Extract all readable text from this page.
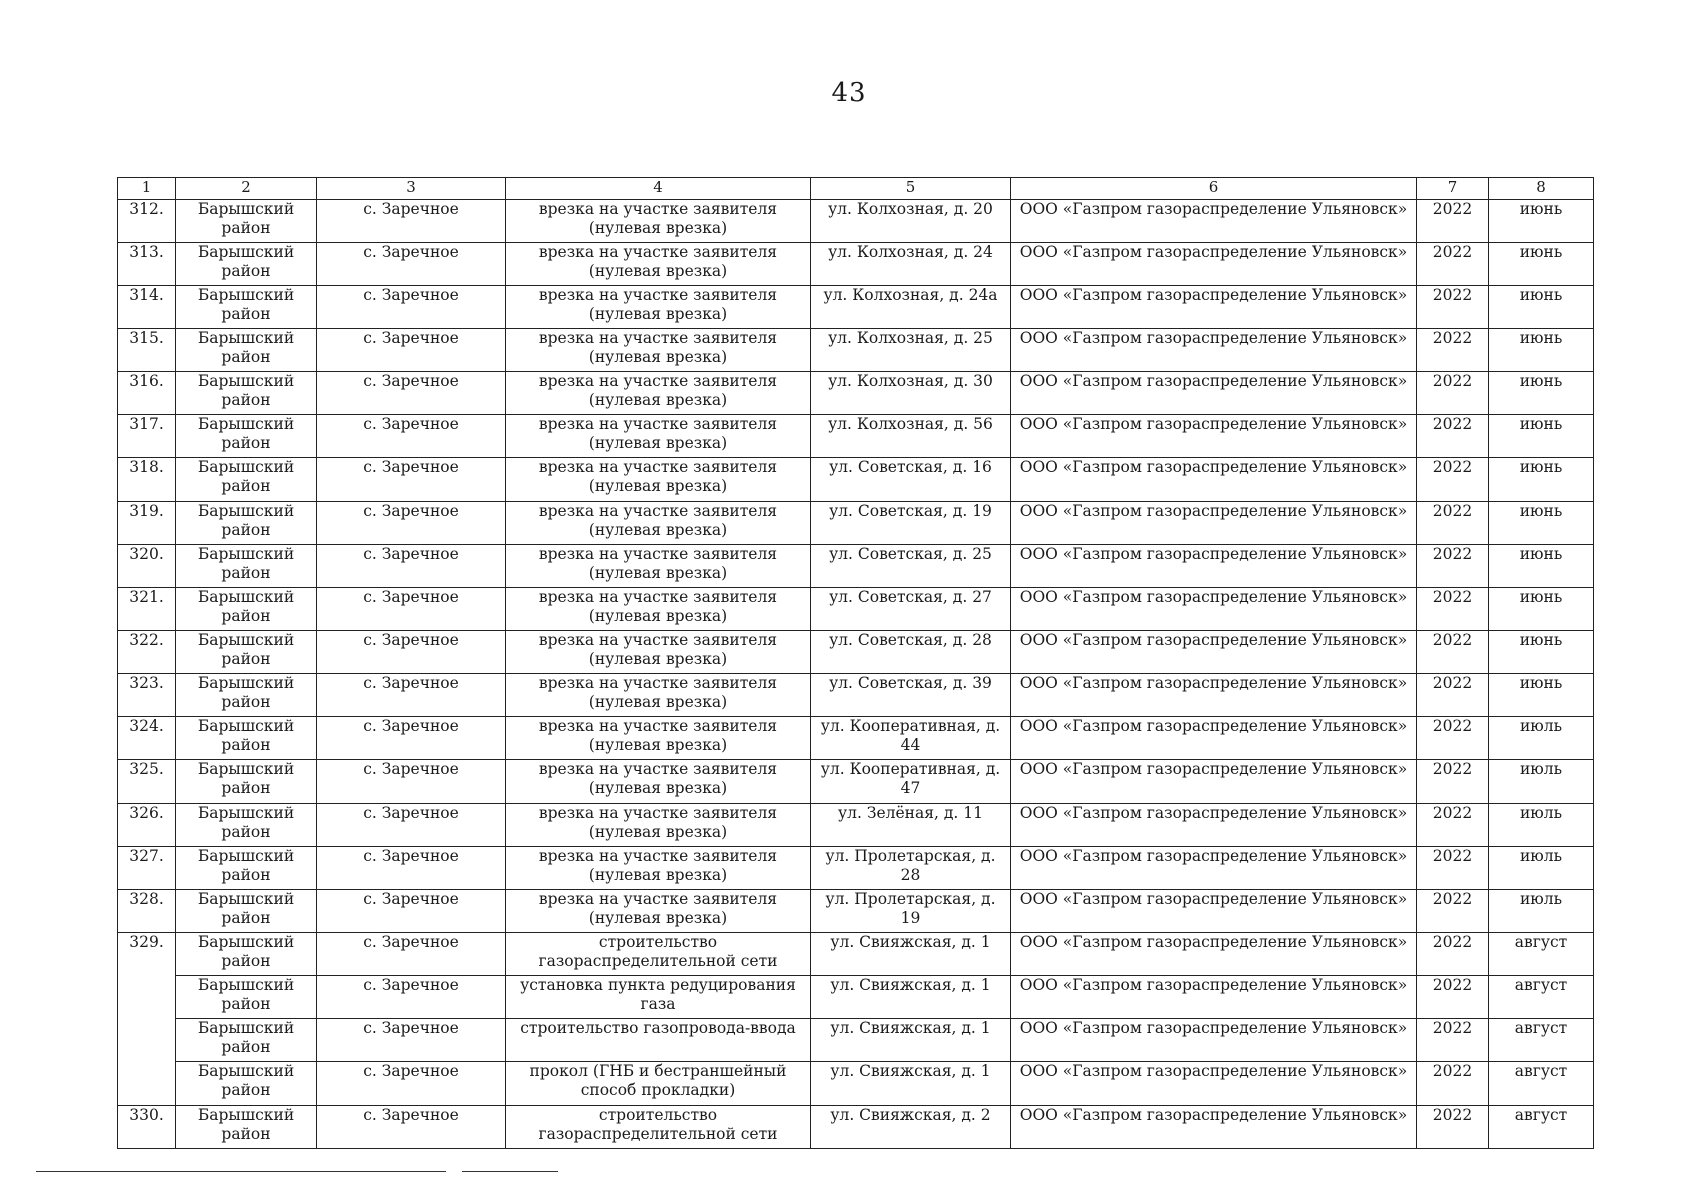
43
1	2	3	4	5	6	7	8
312.	Барышский район	с. Заречное	врезка на участке заявителя (нулевая врезка)	ул. Колхозная, д. 20	ООО «Газпром газораспределение Ульяновск»	2022	июнь
313.	Барышский район	с. Заречное	врезка на участке заявителя (нулевая врезка)	ул. Колхозная, д. 24	ООО «Газпром газораспределение Ульяновск»	2022	июнь
314.	Барышский район	с. Заречное	врезка на участке заявителя (нулевая врезка)	ул. Колхозная, д. 24а	ООО «Газпром газораспределение Ульяновск»	2022	июнь
315.	Барышский район	с. Заречное	врезка на участке заявителя (нулевая врезка)	ул. Колхозная, д. 25	ООО «Газпром газораспределение Ульяновск»	2022	июнь
316.	Барышский район	с. Заречное	врезка на участке заявителя (нулевая врезка)	ул. Колхозная, д. 30	ООО «Газпром газораспределение Ульяновск»	2022	июнь
317.	Барышский район	с. Заречное	врезка на участке заявителя (нулевая врезка)	ул. Колхозная, д. 56	ООО «Газпром газораспределение Ульяновск»	2022	июнь
318.	Барышский район	с. Заречное	врезка на участке заявителя (нулевая врезка)	ул. Советская, д. 16	ООО «Газпром газораспределение Ульяновск»	2022	июнь
319.	Барышский район	с. Заречное	врезка на участке заявителя (нулевая врезка)	ул. Советская, д. 19	ООО «Газпром газораспределение Ульяновск»	2022	июнь
320.	Барышский район	с. Заречное	врезка на участке заявителя (нулевая врезка)	ул. Советская, д. 25	ООО «Газпром газораспределение Ульяновск»	2022	июнь
321.	Барышский район	с. Заречное	врезка на участке заявителя (нулевая врезка)	ул. Советская, д. 27	ООО «Газпром газораспределение Ульяновск»	2022	июнь
322.	Барышский район	с. Заречное	врезка на участке заявителя (нулевая врезка)	ул. Советская, д. 28	ООО «Газпром газораспределение Ульяновск»	2022	июнь
323.	Барышский район	с. Заречное	врезка на участке заявителя (нулевая врезка)	ул. Советская, д. 39	ООО «Газпром газораспределение Ульяновск»	2022	июнь
324.	Барышский район	с. Заречное	врезка на участке заявителя (нулевая врезка)	ул. Кооперативная, д. 44	ООО «Газпром газораспределение Ульяновск»	2022	июль
325.	Барышский район	с. Заречное	врезка на участке заявителя (нулевая врезка)	ул. Кооперативная, д. 47	ООО «Газпром газораспределение Ульяновск»	2022	июль
326.	Барышский район	с. Заречное	врезка на участке заявителя (нулевая врезка)	ул. Зелёная, д. 11	ООО «Газпром газораспределение Ульяновск»	2022	июль
327.	Барышский район	с. Заречное	врезка на участке заявителя (нулевая врезка)	ул. Пролетарская, д. 28	ООО «Газпром газораспределение Ульяновск»	2022	июль
328.	Барышский район	с. Заречное	врезка на участке заявителя (нулевая врезка)	ул. Пролетарская, д. 19	ООО «Газпром газораспределение Ульяновск»	2022	июль
329.	Барышский район	с. Заречное	строительство газораспределительной сети	ул. Свияжская, д. 1	ООО «Газпром газораспределение Ульяновск»	2022	август
	Барышский район	с. Заречное	установка пункта редуцирования газа	ул. Свияжская, д. 1	ООО «Газпром газораспределение Ульяновск»	2022	август
	Барышский район	с. Заречное	строительство газопровода-ввода	ул. Свияжская, д. 1	ООО «Газпром газораспределение Ульяновск»	2022	август
	Барышский район	с. Заречное	прокол (ГНБ и бестраншейный способ прокладки)	ул. Свияжская, д. 1	ООО «Газпром газораспределение Ульяновск»	2022	август
330.	Барышский район	с. Заречное	строительство газораспределительной сети	ул. Свияжская, д. 2	ООО «Газпром газораспределение Ульяновск»	2022	август
